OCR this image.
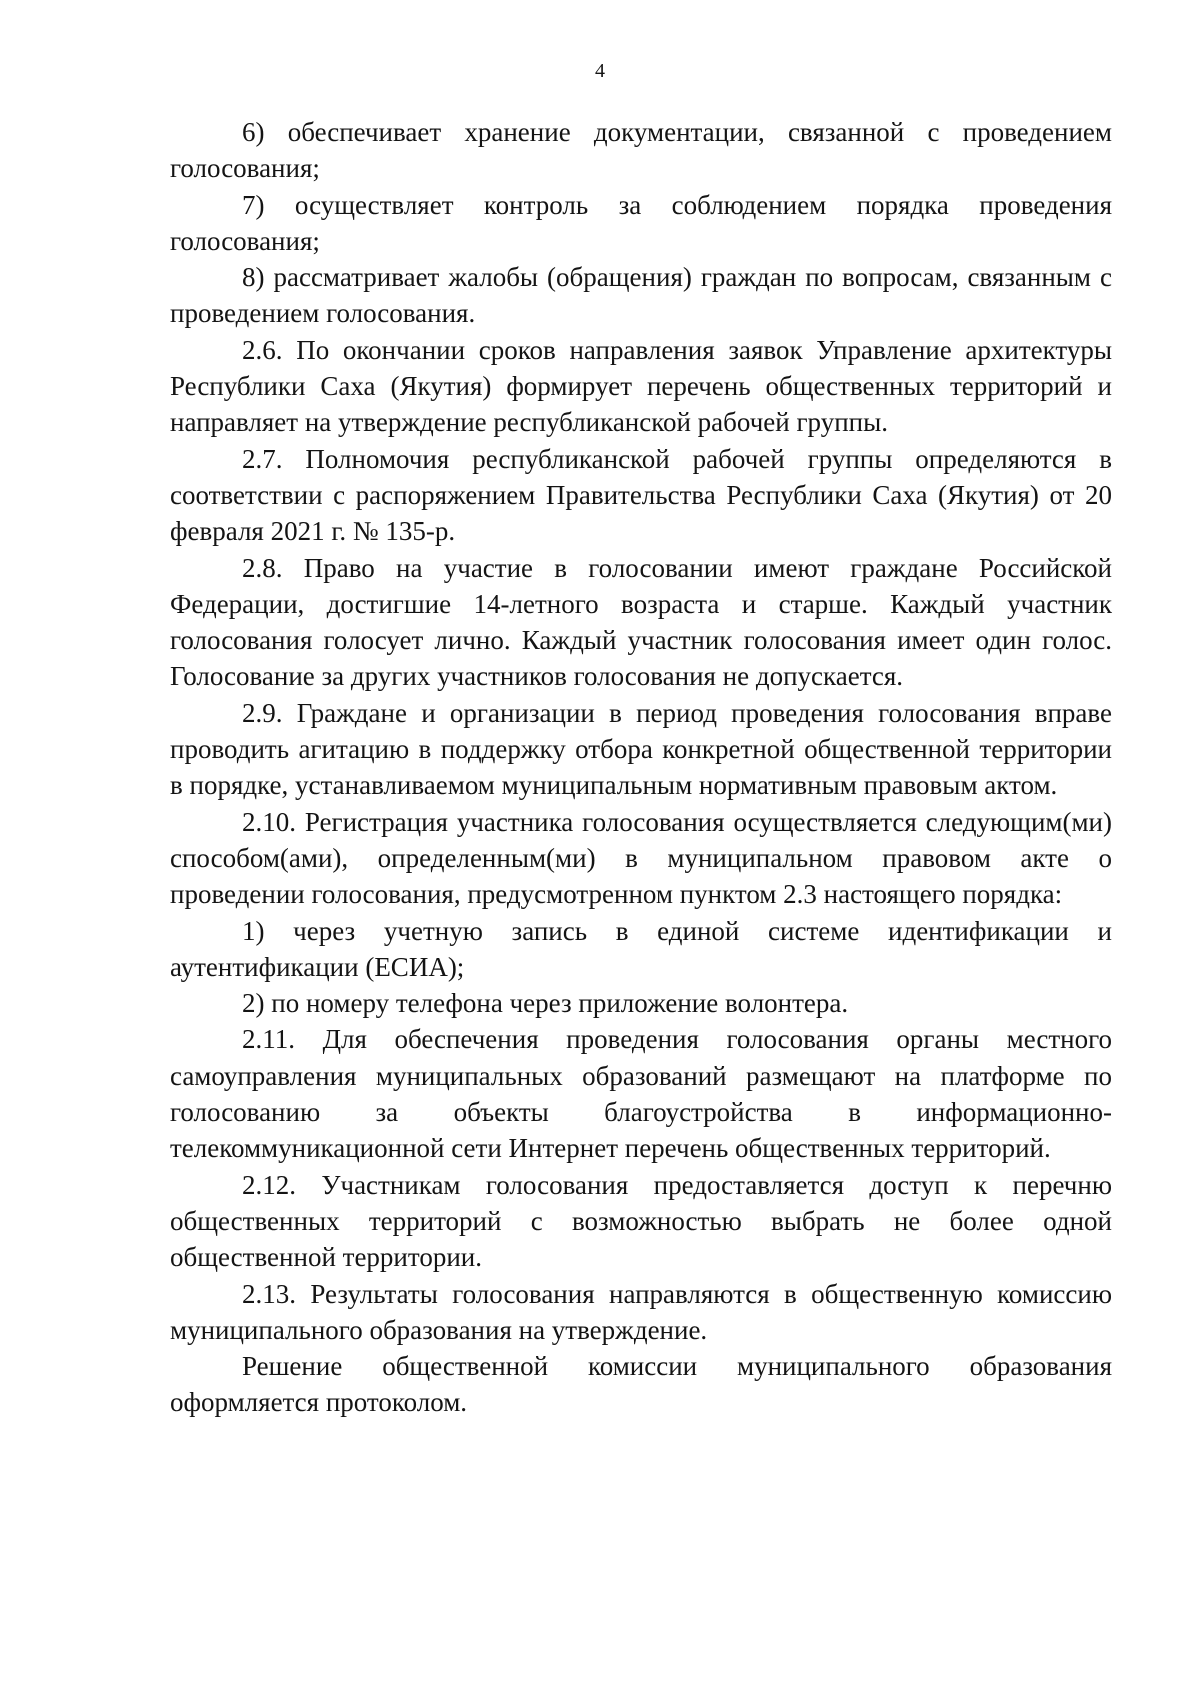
4

6) обеспечивает хранение документации, связанной с проведением голосования;

7) осуществляет контроль за соблюдением порядка проведения голосования;

8) рассматривает жалобы (обращения) граждан по вопросам, связанным с проведением голосования.

2.6. По окончании сроков направления заявок Управление архитектуры Республики Саха (Якутия) формирует перечень общественных территорий и направляет на утверждение республиканской рабочей группы.

2.7. Полномочия республиканской рабочей группы определяются в соответствии с распоряжением Правительства Республики Саха (Якутия) от 20 февраля 2021 г. № 135-р.

2.8. Право на участие в голосовании имеют граждане Российской Федерации, достигшие 14-летного возраста и старше. Каждый участник голосования голосует лично. Каждый участник голосования имеет один голос. Голосование за других участников голосования не допускается.

2.9. Граждане и организации в период проведения голосования вправе проводить агитацию в поддержку отбора конкретной общественной территории в порядке, устанавливаемом муниципальным нормативным правовым актом.

2.10. Регистрация участника голосования осуществляется следующим(ми) способом(ами), определенным(ми) в муниципальном правовом акте о проведении голосования, предусмотренном пунктом 2.3 настоящего порядка:

1) через учетную запись в единой системе идентификации и аутентификации (ЕСИА);

2) по номеру телефона через приложение волонтера.

2.11. Для обеспечения проведения голосования органы местного самоуправления муниципальных образований размещают на платформе по голосованию за объекты благоустройства в информационно-телекоммуникационной сети Интернет перечень общественных территорий.

2.12. Участникам голосования предоставляется доступ к перечню общественных территорий с возможностью выбрать не более одной общественной территории.

2.13. Результаты голосования направляются в общественную комиссию муниципального образования на утверждение.

Решение общественной комиссии муниципального образования оформляется протоколом.
